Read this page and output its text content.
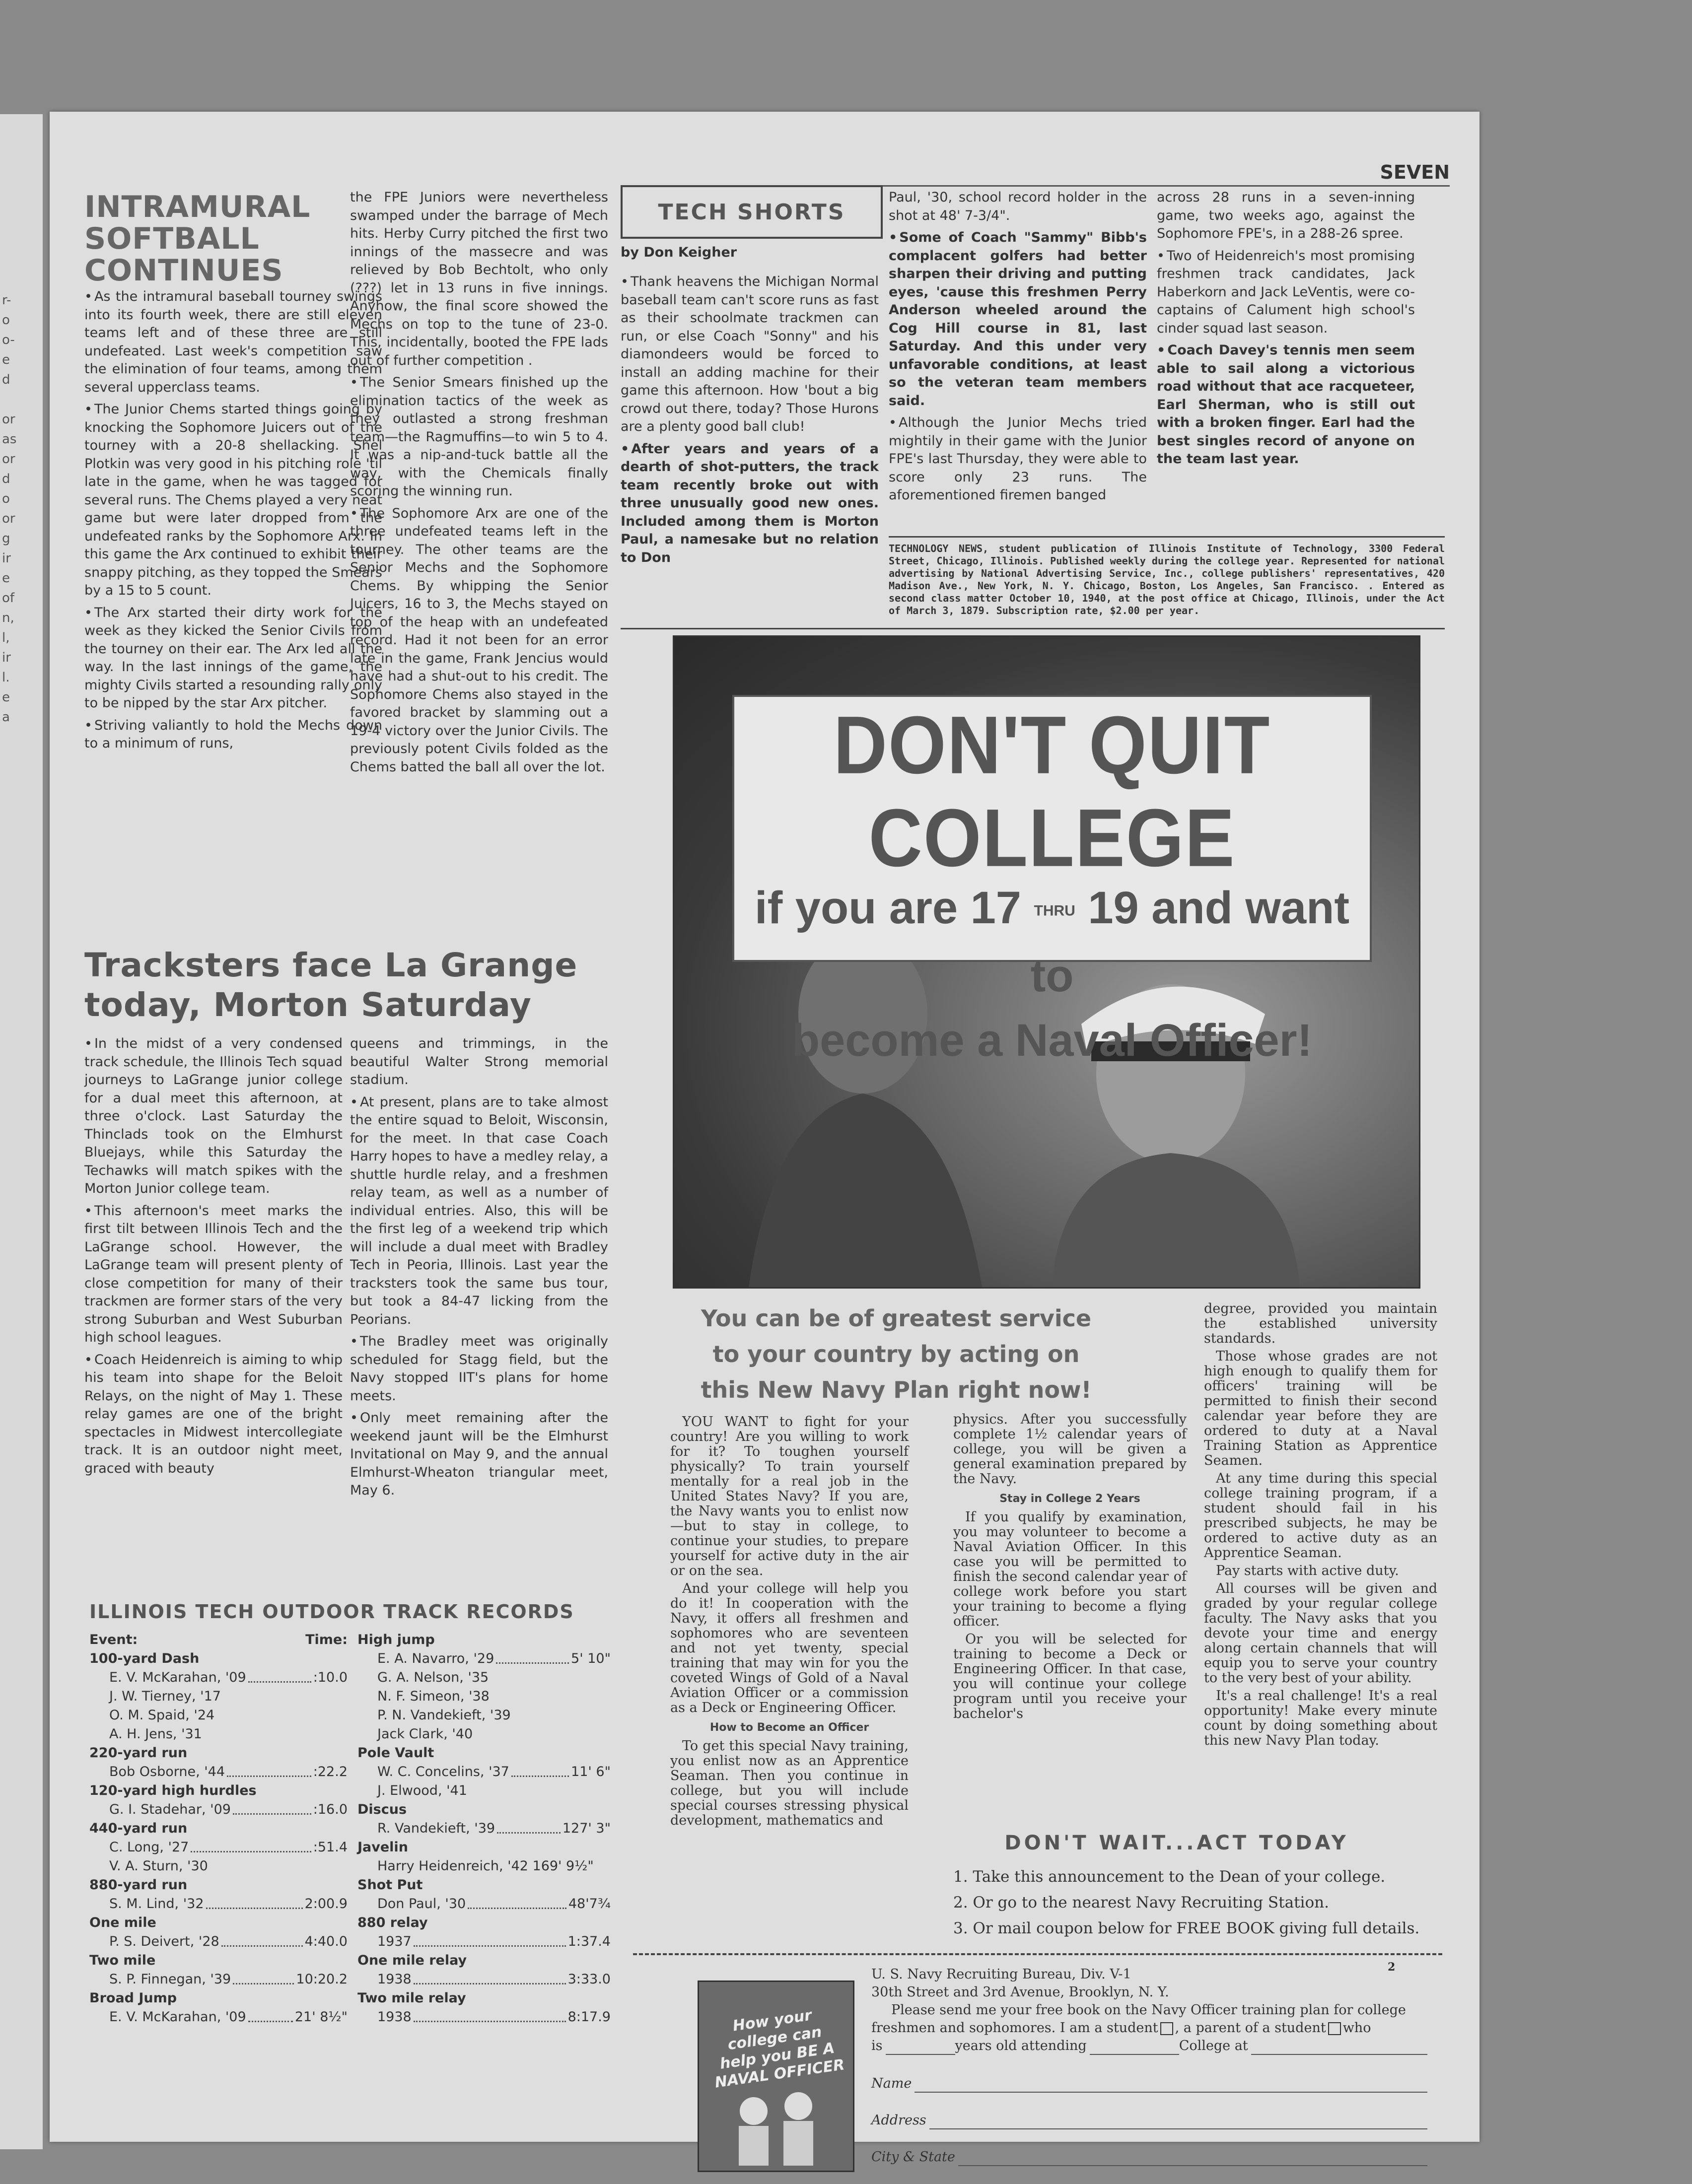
r-
o
o-
e
d
or
as
or
d
o
or
g
ir
e
of
n,
l,
ir
l.
e
a
SEVEN
INTRAMURAL
SOFTBALL
CONTINUES

• As the intramural baseball tourney swings into its fourth week, there are still eleven teams left and of these three are still undefeated. Last week's competition saw the elimination of four teams, among them several upperclass teams.

• The Junior Chems started things going by knocking the Sophomore Juicers out of the tourney with a 20-8 shellacking. Shel Plotkin was very good in his pitching role 'til late in the game, when he was tagged for several runs. The Chems played a very neat game but were later dropped from the undefeated ranks by the Sophomore Arx. In this game the Arx continued to exhibit their snappy pitching, as they topped the Smears by a 15 to 5 count.

• The Arx started their dirty work for the week as they kicked the Senior Civils from the tourney on their ear. The Arx led all the way. In the last innings of the game, the mighty Civils started a resounding rally only to be nipped by the star Arx pitcher.

• Striving valiantly to hold the Mechs down to a minimum of runs,

the FPE Juniors were nevertheless swamped under the barrage of Mech hits. Herby Curry pitched the first two innings of the massecre and was relieved by Bob Bechtolt, who only (???) let in 13 runs in five innings. Anyhow, the final score showed the Mechs on top to the tune of 23-0. This, incidentally, booted the FPE lads out of further competition .

• The Senior Smears finished up the elimination tactics of the week as they outlasted a strong freshman team—the Ragmuffins—to win 5 to 4. It was a nip-and-tuck battle all the way, with the Chemicals finally scoring the winning run.

• The Sophomore Arx are one of the three undefeated teams left in the tourney. The other teams are the Senior Mechs and the Sophomore Chems. By whipping the Senior Juicers, 16 to 3, the Mechs stayed on top of the heap with an undefeated record. Had it not been for an error late in the game, Frank Jencius would have had a shut-out to his credit. The Sophomore Chems also stayed in the favored bracket by slamming out a 19-4 victory over the Junior Civils. The previously potent Civils folded as the Chems batted the ball all over the lot.

TECH SHORTS
by Don Keigher

• Thank heavens the Michigan Normal baseball team can't score runs as fast as their schoolmate trackmen can run, or else Coach "Sonny" and his diamondeers would be forced to install an adding machine for their game this afternoon. How 'bout a big crowd out there, today? Those Hurons are a plenty good ball club!

• After years and years of a dearth of shot-putters, the track team recently broke out with three unusually good new ones. Included among them is Morton Paul, a namesake but no relation to Don

Paul, '30, school record holder in the shot at 48' 7-3/4".

• Some of Coach "Sammy" Bibb's complacent golfers had better sharpen their driving and putting eyes, 'cause this freshmen Perry Anderson wheeled around the Cog Hill course in 81, last Saturday. And this under very unfavorable conditions, at least so the veteran team members said.

• Although the Junior Mechs tried mightily in their game with the Junior FPE's last Thursday, they were able to score only 23 runs. The aforementioned firemen banged

across 28 runs in a seven-inning game, two weeks ago, against the Sophomore FPE's, in a 288-26 spree.

• Two of Heidenreich's most promising freshmen track candidates, Jack Haberkorn and Jack LeVentis, were co-captains of Calument high school's cinder squad last season.

• Coach Davey's tennis men seem able to sail along a victorious road without that ace racqueteer, Earl Sherman, who is still out with a broken finger. Earl had the best singles record of anyone on the team last year.

TECHNOLOGY NEWS, student publication of Illinois Institute of Technology, 3300 Federal Street, Chicago, Illinois. Published weekly during the college year. Represented for national advertising by National Advertising Service, Inc., college publishers' representatives, 420 Madison Ave., New York, N. Y. Chicago, Boston, Los Angeles, San Francisco. . Entered as second class matter October 10, 1940, at the post office at Chicago, Illinois, under the Act of March 3, 1879. Subscription rate, $2.00 per year.
Tracksters face La Grange
today, Morton Saturday

• In the midst of a very condensed track schedule, the Illinois Tech squad journeys to LaGrange junior college for a dual meet this afternoon, at three o'clock. Last Saturday the Thinclads took on the Elmhurst Bluejays, while this Saturday the Techawks will match spikes with the Morton Junior college team.

• This afternoon's meet marks the first tilt between Illinois Tech and the LaGrange school. However, the LaGrange team will present plenty of close competition for many of their trackmen are former stars of the very strong Suburban and West Suburban high school leagues.

• Coach Heidenreich is aiming to whip his team into shape for the Beloit Relays, on the night of May 1. These relay games are one of the bright spectacles in Midwest intercollegiate track. It is an outdoor night meet, graced with beauty

queens and trimmings, in the beautiful Walter Strong memorial stadium.

• At present, plans are to take almost the entire squad to Beloit, Wisconsin, for the meet. In that case Coach Harry hopes to have a medley relay, a shuttle hurdle relay, and a freshmen relay team, as well as a number of individual entries. Also, this will be the first leg of a weekend trip which will include a dual meet with Bradley Tech in Peoria, Illinois. Last year the tracksters took the same bus tour, but took a 84-47 licking from the Peorians.

• The Bradley meet was originally scheduled for Stagg field, but the Navy stopped IIT's plans for home meets.

• Only meet remaining after the weekend jaunt will be the Elmhurst Invitational on May 9, and the annual Elmhurst-Wheaton triangular meet, May 6.

ILLINOIS TECH OUTDOOR TRACK RECORDS
Event:	Time:
100-yard Dash
E. V. McKarahan, '09	:10.0
J. W. Tierney, '17
O. M. Spaid, '24
A. H. Jens, '31
220-yard run
Bob Osborne, '44	:22.2
120-yard high hurdles
G. I. Stadehar, '09	:16.0
440-yard run
C. Long, '27	:51.4
V. A. Sturn, '30
880-yard run
S. M. Lind, '32	2:00.9
One mile
P. S. Deivert, '28	4:40.0
Two mile
S. P. Finnegan, '39	10:20.2
Broad Jump
E. V. McKarahan, '09	21' 8½"
High jump
E. A. Navarro, '29	5' 10"
G. A. Nelson, '35
N. F. Simeon, '38
P. N. Vandekieft, '39
Jack Clark, '40
Pole Vault
W. C. Concelins, '37	11' 6"
J. Elwood, '41
Discus
R. Vandekieft, '39	127' 3"
Javelin
Harry Heidenreich, '42 169' 9½"
Shot Put
Don Paul, '30	48'7¾
880 relay
1937	1:37.4
One mile relay
1938	3:33.0
Two mile relay
1938	8:17.9
DON'T QUIT COLLEGE
if you are 17 THRU 19 and want to
become a Naval Officer!
You can be of greatest service
to your country by acting on
this New Navy Plan right now!

YOU WANT to fight for your country! Are you willing to work for it? To toughen yourself physically? To train yourself mentally for a real job in the United States Navy? If you are, the Navy wants you to enlist now—but to stay in college, to continue your studies, to prepare yourself for active duty in the air or on the sea.

And your college will help you do it! In cooperation with the Navy, it offers all freshmen and sophomores who are seventeen and not yet twenty, special training that may win for you the coveted Wings of Gold of a Naval Aviation Officer or a commission as a Deck or Engineering Officer.

How to Become an Officer

To get this special Navy training, you enlist now as an Apprentice Seaman. Then you continue in college, but you will include special courses stressing physical development, mathematics and

physics. After you successfully complete 1½ calendar years of college, you will be given a general examination prepared by the Navy.

Stay in College 2 Years

If you qualify by examination, you may volunteer to become a Naval Aviation Officer. In this case you will be permitted to finish the second calendar year of college work before you start your training to become a flying officer.

Or you will be selected for training to become a Deck or Engineering Officer. In that case, you will continue your college program until you receive your bachelor's

degree, provided you maintain the established university standards.

Those whose grades are not high enough to qualify them for officers' training will be permitted to finish their second calendar year before they are ordered to duty at a Naval Training Station as Apprentice Seamen.

At any time during this special college training program, if a student should fail in his prescribed subjects, he may be ordered to active duty as an Apprentice Seaman.

Pay starts with active duty.

All courses will be given and graded by your regular college faculty. The Navy asks that you devote your time and energy along certain channels that will equip you to serve your country to the very best of your ability.

It's a real challenge! It's a real opportunity! Make every minute count by doing something about this new Navy Plan today.

DON'T WAIT...ACT TODAY
1. Take this announcement to the Dean of your college.
2. Or go to the nearest Navy Recruiting Station.
3. Or mail coupon below for FREE BOOK giving full details.
2
How your college can help you BE A NAVAL OFFICER
U. S. Navy Recruiting Bureau, Div. V-1
30th Street and 3rd Avenue, Brooklyn, N. Y.
Please send me your free book on the Navy Officer training plan for college
freshmen and sophomores. I am a student , a parent of a student who
is	years old attending	College at
Name
Address
City & State
